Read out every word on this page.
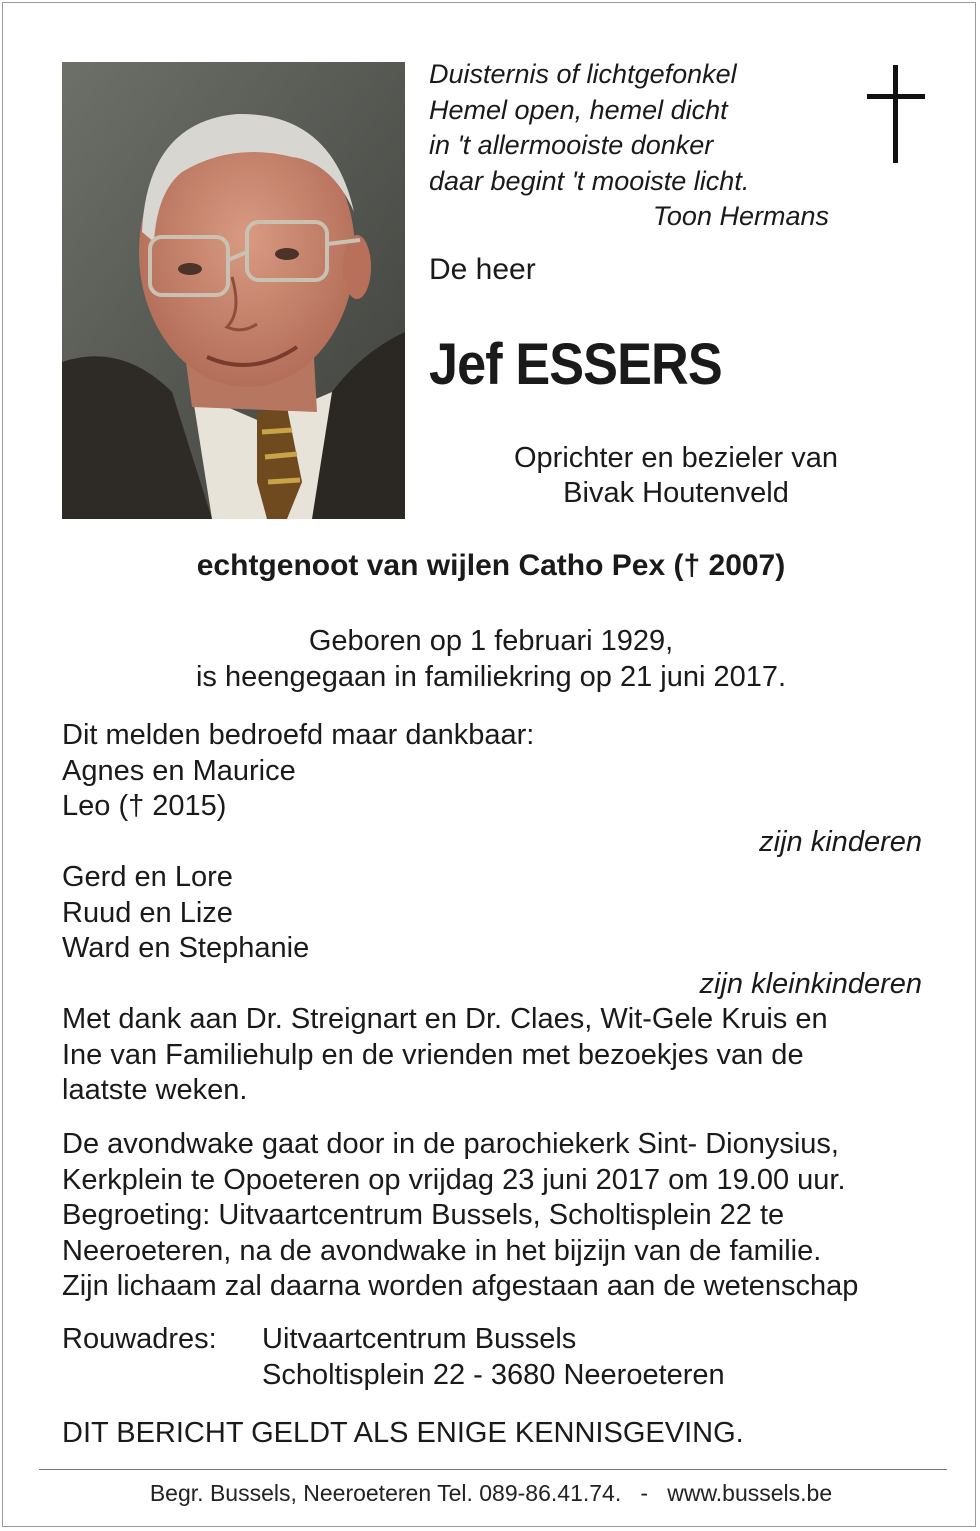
Duisternis of lichtgefonkel
Hemel open, hemel dicht
in 't allermooiste donker
daar begint 't mooiste licht.
Toon Hermans
De heer
Jef ESSERS
Oprichter en bezieler van
Bivak Houtenveld
echtgenoot van wijlen Catho Pex († 2007)
Geboren op 1 februari 1929,
is heengegaan in familiekring op 21 juni 2017.
Dit melden bedroefd maar dankbaar:
Agnes en Maurice
Leo († 2015)
zijn kinderen
Gerd en Lore
Ruud en Lize
Ward en Stephanie
zijn kleinkinderen
Met dank aan Dr. Streignart en Dr. Claes, Wit-Gele Kruis en
Ine van Familiehulp en de vrienden met bezoekjes van de
laatste weken.
De avondwake gaat door in de parochiekerk Sint- Dionysius,
Kerkplein te Opoeteren op vrijdag 23 juni 2017 om 19.00 uur.
Begroeting: Uitvaartcentrum Bussels, Scholtisplein 22 te
Neeroeteren, na de avondwake in het bijzijn van de familie.
Zijn lichaam zal daarna worden afgestaan aan de wetenschap
Rouwadres: Uitvaartcentrum Bussels
Scholtisplein 22 - 3680 Neeroeteren
DIT BERICHT GELDT ALS ENIGE KENNISGEVING.
Begr. Bussels, Neeroeteren Tel. 089-86.41.74.   -   www.bussels.be
